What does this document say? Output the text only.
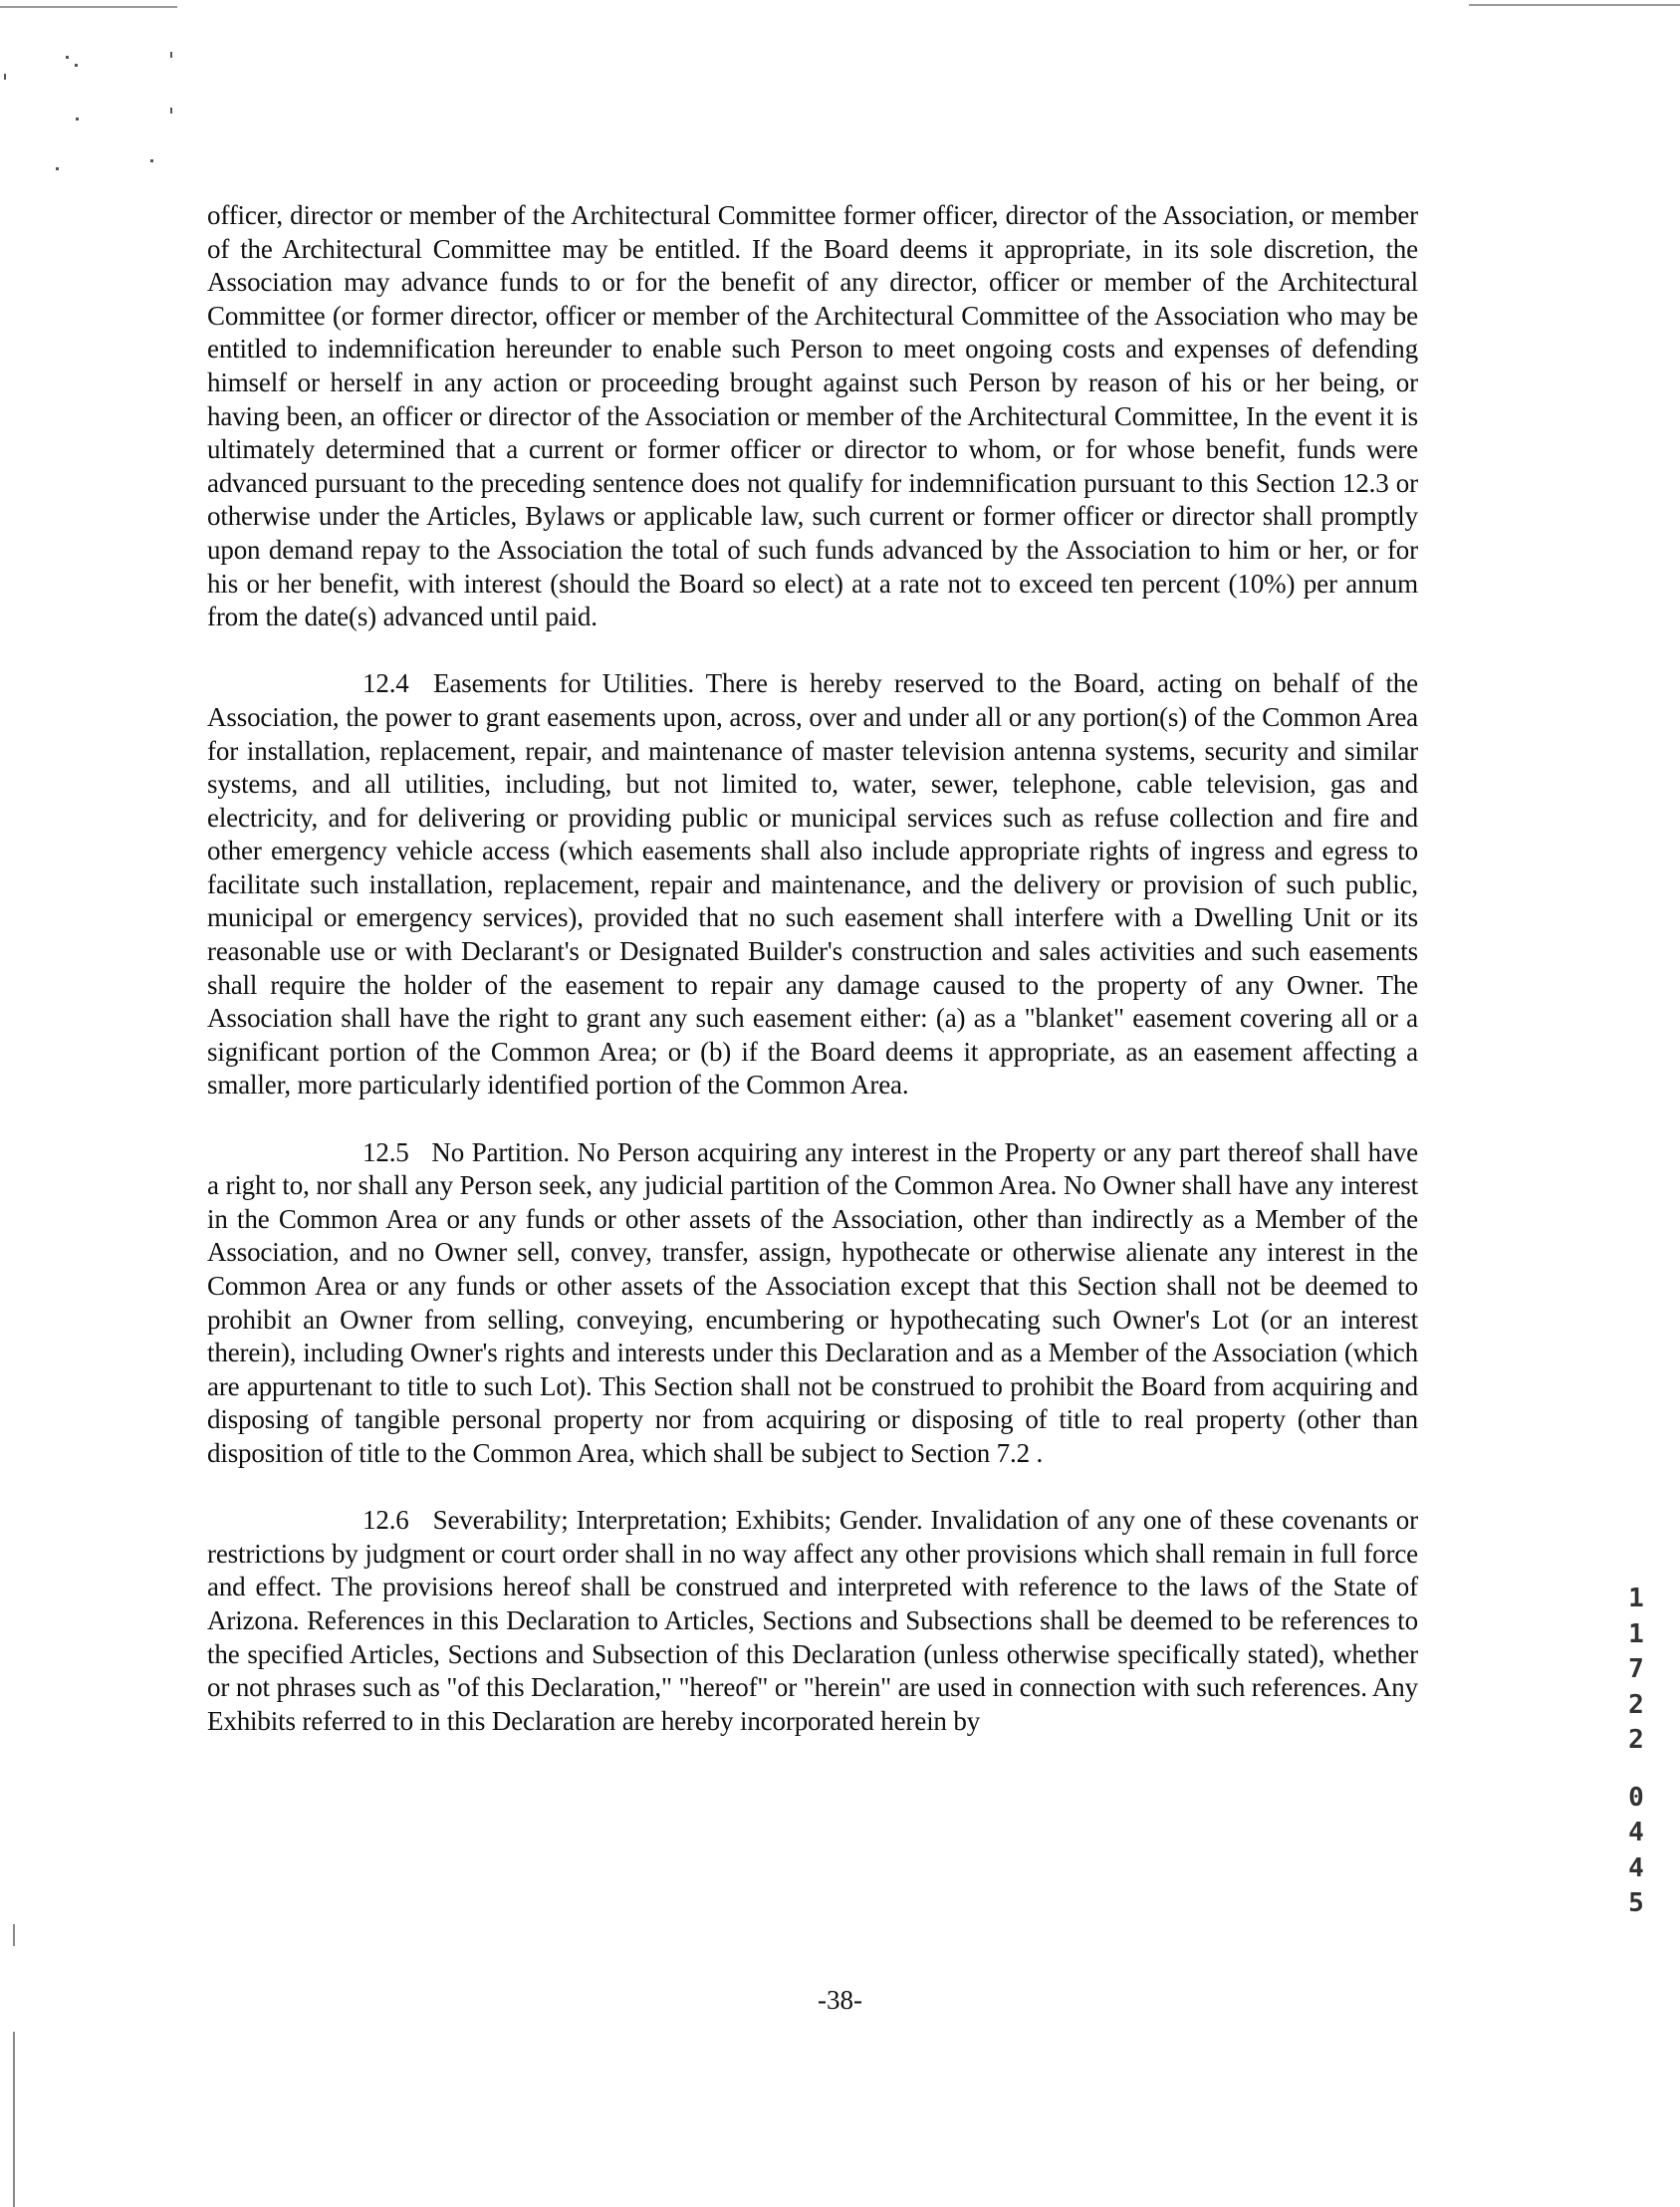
officer, director or member of the Architectural Committee former officer, director of the Association, or member of the Architectural Committee may be entitled. If the Board deems it appropriate, in its sole discretion, the Association may advance funds to or for the benefit of any director, officer or member of the Architectural Committee (or former director, officer or member of the Architectural Committee of the Association who may be entitled to indemnification hereunder to enable such Person to meet ongoing costs and expenses of defending himself or herself in any action or proceeding brought against such Person by reason of his or her being, or having been, an officer or director of the Association or member of the Architectural Committee, In the event it is ultimately determined that a current or former officer or director to whom, or for whose benefit, funds were advanced pursuant to the preceding sentence does not qualify for indemnification pursuant to this Section 12.3 or otherwise under the Articles, Bylaws or applicable law, such current or former officer or director shall promptly upon demand repay to the Association the total of such funds advanced by the Association to him or her, or for his or her benefit, with interest (should the Board so elect) at a rate not to exceed ten percent (10%) per annum from the date(s) advanced until paid.

12.4 Easements for Utilities. There is hereby reserved to the Board, acting on behalf of the Association, the power to grant easements upon, across, over and under all or any portion(s) of the Common Area for installation, replacement, repair, and maintenance of master television antenna systems, security and similar systems, and all utilities, including, but not limited to, water, sewer, telephone, cable television, gas and electricity, and for delivering or providing public or municipal services such as refuse collection and fire and other emergency vehicle access (which easements shall also include appropriate rights of ingress and egress to facilitate such installation, replacement, repair and maintenance, and the delivery or provision of such public, municipal or emergency services), provided that no such easement shall interfere with a Dwelling Unit or its reasonable use or with Declarant's or Designated Builder's construction and sales activities and such easements shall require the holder of the easement to repair any damage caused to the property of any Owner. The Association shall have the right to grant any such easement either: (a) as a "blanket" easement covering all or a significant portion of the Common Area; or (b) if the Board deems it appropriate, as an easement affecting a smaller, more particularly identified portion of the Common Area.

12.5 No Partition. No Person acquiring any interest in the Property or any part thereof shall have a right to, nor shall any Person seek, any judicial partition of the Common Area. No Owner shall have any interest in the Common Area or any funds or other assets of the Association, other than indirectly as a Member of the Association, and no Owner sell, convey, transfer, assign, hypothecate or otherwise alienate any interest in the Common Area or any funds or other assets of the Association except that this Section shall not be deemed to prohibit an Owner from selling, conveying, encumbering or hypothecating such Owner's Lot (or an interest therein), including Owner's rights and interests under this Declaration and as a Member of the Association (which are appurtenant to title to such Lot). This Section shall not be construed to prohibit the Board from acquiring and disposing of tangible personal property nor from acquiring or disposing of title to real property (other than disposition of title to the Common Area, which shall be subject to Section 7.2 .

12.6 Severability; Interpretation; Exhibits; Gender. Invalidation of any one of these covenants or restrictions by judgment or court order shall in no way affect any other provisions which shall remain in full force and effect. The provisions hereof shall be construed and interpreted with reference to the laws of the State of Arizona. References in this Declaration to Articles, Sections and Subsections shall be deemed to be references to the specified Articles, Sections and Subsection of this Declaration (unless otherwise specifically stated), whether or not phrases such as "of this Declaration," "hereof" or "herein" are used in connection with such references. Any Exhibits referred to in this Declaration are hereby incorporated herein by

-38-
1
1
7
2
2
0
4
4
5
